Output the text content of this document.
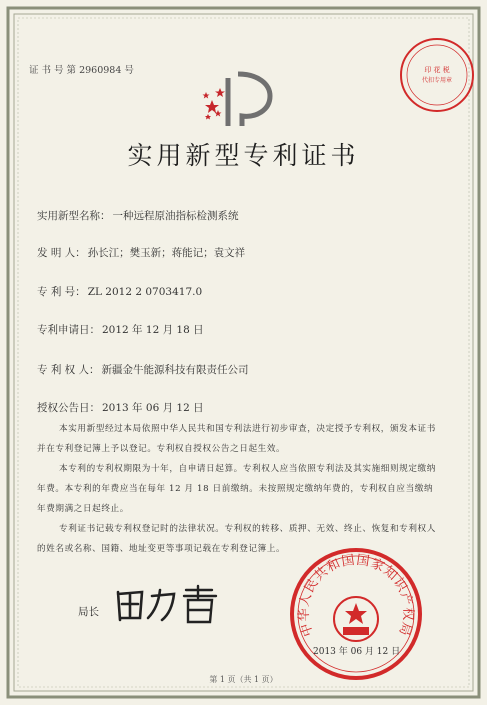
证 书 号 第 2960984 号	印 花 税
代扣专用章
实用新型专利证书
实用新型名称： 一种远程原油指标检测系统
发 明 人： 孙长江；樊玉新；蒋能记；袁文祥
专 利 号： ZL 2012 2 0703417.0
专利申请日： 2012 年 12 月 18 日
专 利 权 人： 新疆金牛能源科技有限责任公司
授权公告日： 2013 年 06 月 12 日

本实用新型经过本局依照中华人民共和国专利法进行初步审查，决定授予专利权，颁发本证书并在专利登记簿上予以登记。专利权自授权公告之日起生效。

本专利的专利权期限为十年，自申请日起算。专利权人应当依照专利法及其实施细则规定缴纳年费。本专利的年费应当在每年 12 月 18 日前缴纳。未按照规定缴纳年费的，专利权自应当缴纳年费期满之日起终止。

专利证书记载专利权登记时的法律状况。专利权的转移、质押、无效、终止、恢复和专利权人的姓名或名称、国籍、地址变更等事项记载在专利登记簿上。

局长
中华人民共和国国家知识产权局
2013 年 06 月 12 日
第 1 页（共 1 页）
